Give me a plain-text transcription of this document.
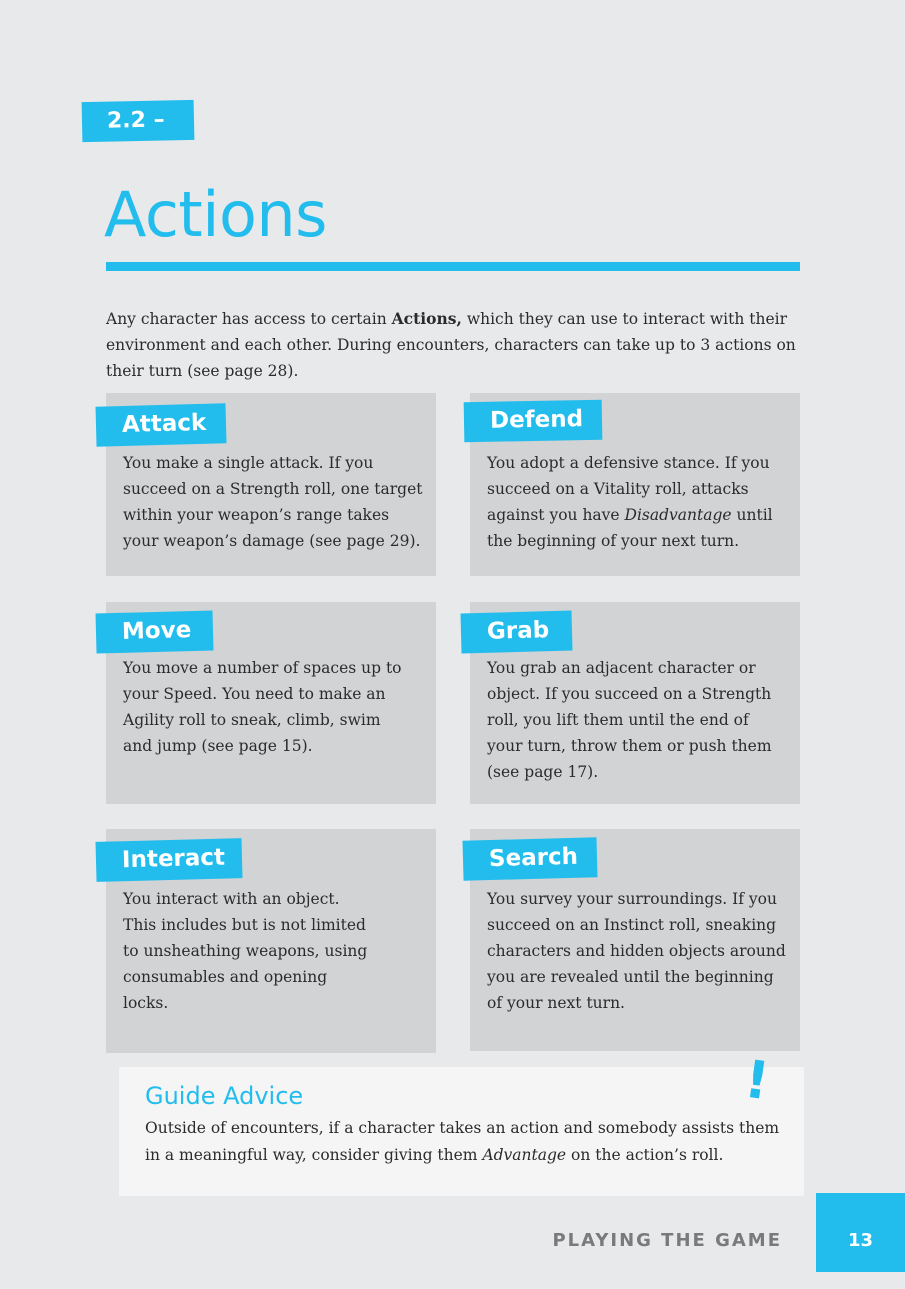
2.2 –
Actions

Any character has access to certain Actions, which they can use to interact with their environment and each other. During encounters, characters can take up to 3 actions on their turn (see page 28).

Attack

You make a single attack. If you succeed on a Strength roll, one target within your weapon’s range takes your weapon’s damage (see page 29).

Defend

You adopt a defensive stance. If you succeed on a Vitality roll, attacks against you have Disadvantage until the beginning of your next turn.

Move

You move a number of spaces up to your Speed. You need to make an Agility roll to sneak, climb, swim and jump (see page 15).

Grab

You grab an adjacent character or object. If you succeed on a Strength roll, you lift them until the end of your turn, throw them or push them (see page 17).

Interact

You interact with an object. This includes but is not limited to unsheathing weapons, using consumables and opening locks.

Search

You survey your surroundings. If you succeed on an Instinct roll, sneaking characters and hidden objects around you are revealed until the beginning of your next turn.

!
Guide Advice

Outside of encounters, if a character takes an action and somebody assists them in a meaningful way, consider giving them Advantage on the action’s roll.

PLAYING THE GAME	13
